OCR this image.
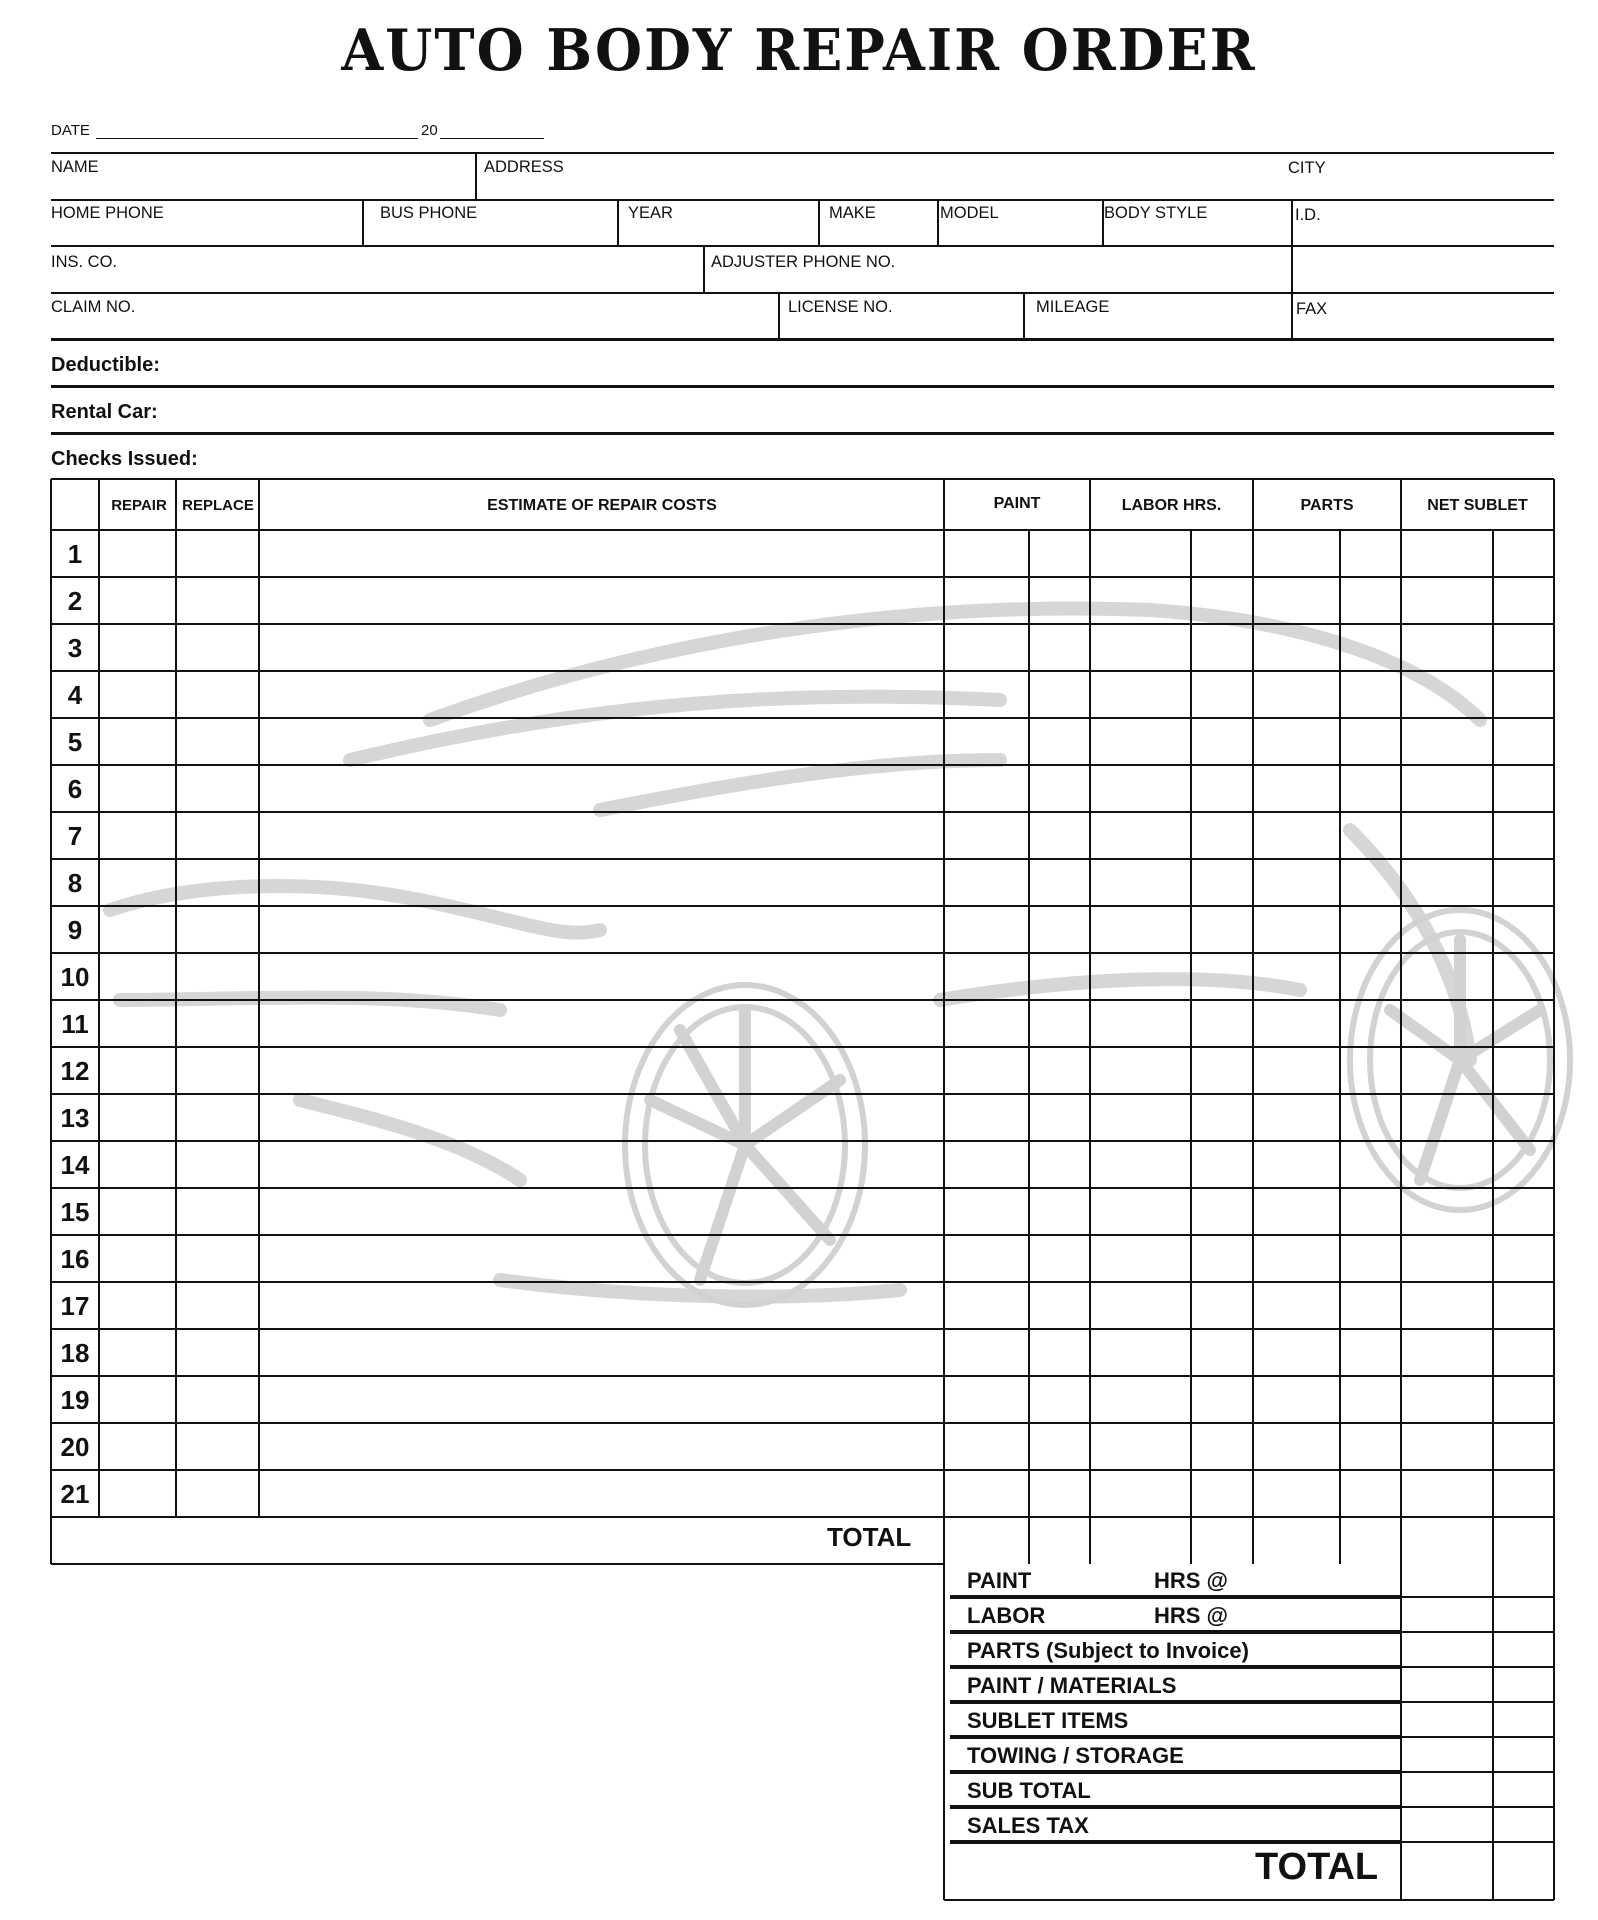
AUTO BODY REPAIR ORDER
DATE	20
NAME	ADDRESS	CITY
HOME PHONE	BUS PHONE	YEAR	MAKE	MODEL	BODY STYLE	I.D.
INS. CO.	ADJUSTER PHONE NO.
CLAIM NO.	LICENSE NO.	MILEAGE	FAX
Deductible:
Rental Car:
Checks Issued:
REPAIR	REPLACE	ESTIMATE OF REPAIR COSTS	PAINT	LABOR HRS.	PARTS	NET SUBLET
1
2
3
4
5
6
7
8
9
10
11
12
13
14
15
16
17
18
19
20
21
TOTAL
PAINT	HRS @
LABOR	HRS @
PARTS (Subject to Invoice)
PAINT / MATERIALS
SUBLET ITEMS
TOWING / STORAGE
SUB TOTAL
SALES TAX
TOTAL
